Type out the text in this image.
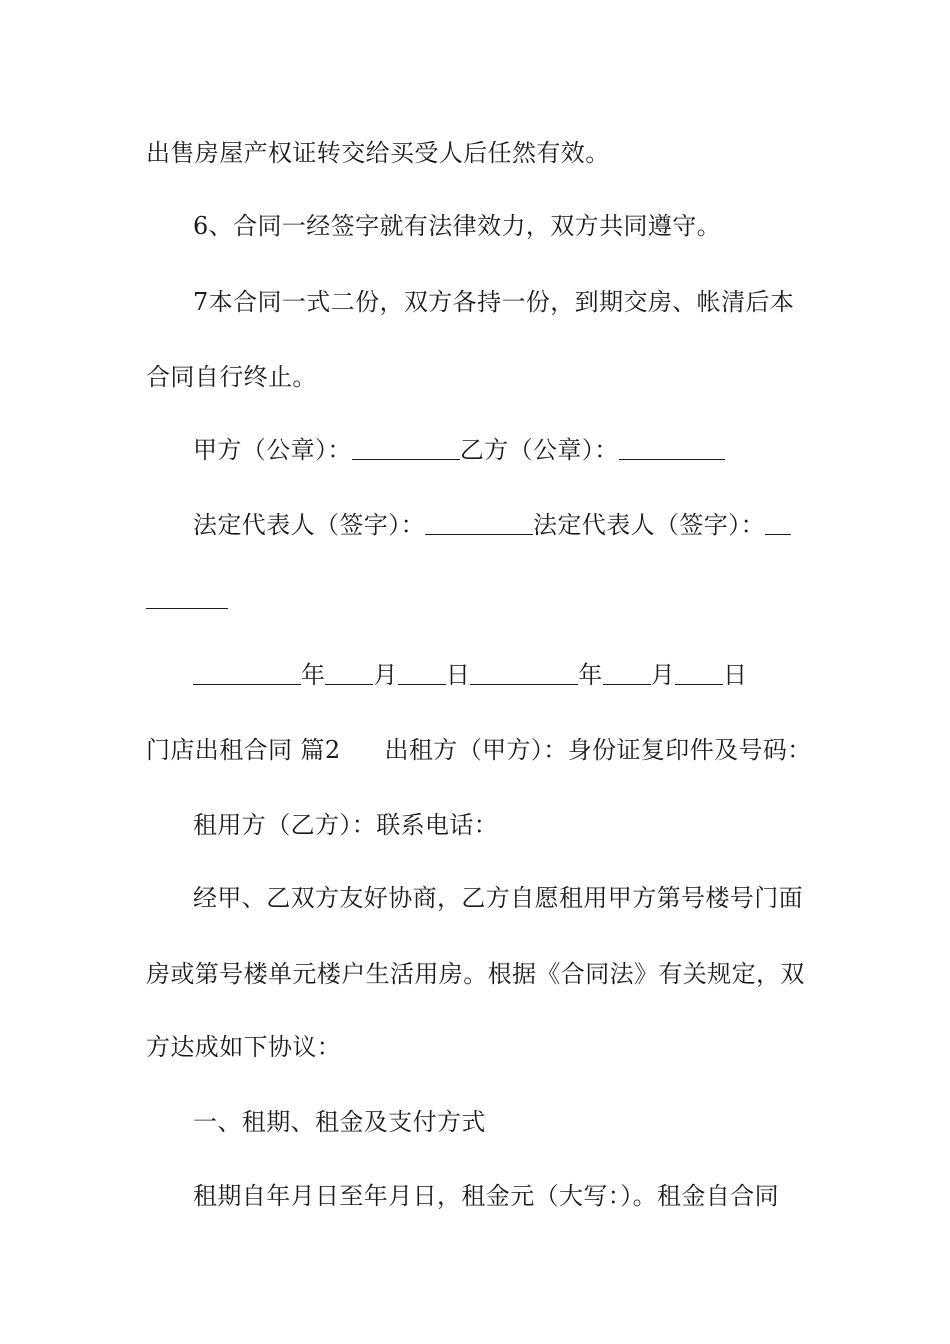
出售房屋产权证转交给买受人后任然有效。
6、合同一经签字就有法律效力，双方共同遵守。
7本合同一式二份，双方各持一份，到期交房、帐清后本
合同自行终止。
甲方（公章）：	乙方（公章）：
法定代表人（签字）：	法定代表人（签字）：
年 月 日	年 月 日
门店出租合同 篇2 出租方（甲方）：身份证复印件及号码：
租用方（乙方）：联系电话：
经甲、乙双方友好协商，乙方自愿租用甲方第号楼号门面
房或第号楼单元楼户生活用房。根据《合同法》有关规定，双
方达成如下协议：
一、租期、租金及支付方式
租期自年月日至年月日，租金元（大写：）。租金自合同
